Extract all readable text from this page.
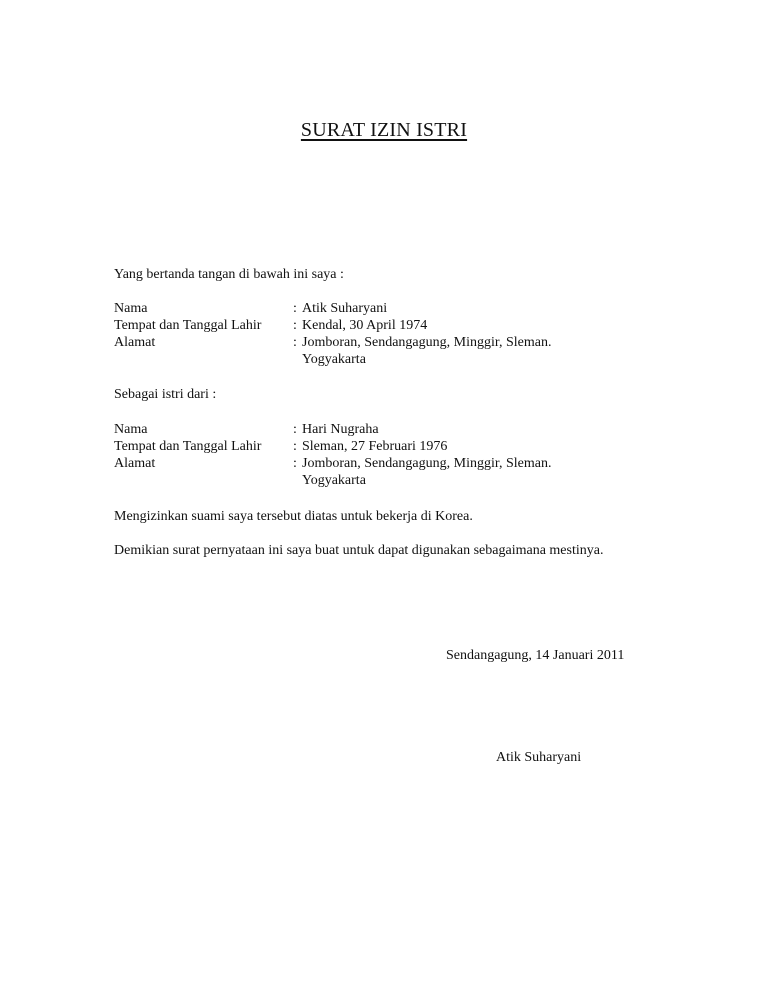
SURAT IZIN ISTRI
Yang bertanda tangan di bawah ini saya :
Nama	: Atik Suharyani
Tempat dan Tanggal Lahir	: Kendal, 30 April 1974
Alamat	: Jomboran, Sendangagung, Minggir, Sleman.
Yogyakarta
Sebagai istri dari :
Nama	: Hari Nugraha
Tempat dan Tanggal Lahir	: Sleman, 27 Februari 1976
Alamat	: Jomboran, Sendangagung, Minggir, Sleman.
Yogyakarta
Mengizinkan suami saya tersebut diatas untuk bekerja di Korea.
Demikian surat pernyataan ini saya buat untuk dapat digunakan sebagaimana mestinya.
Sendangagung, 14 Januari 2011
Atik Suharyani
